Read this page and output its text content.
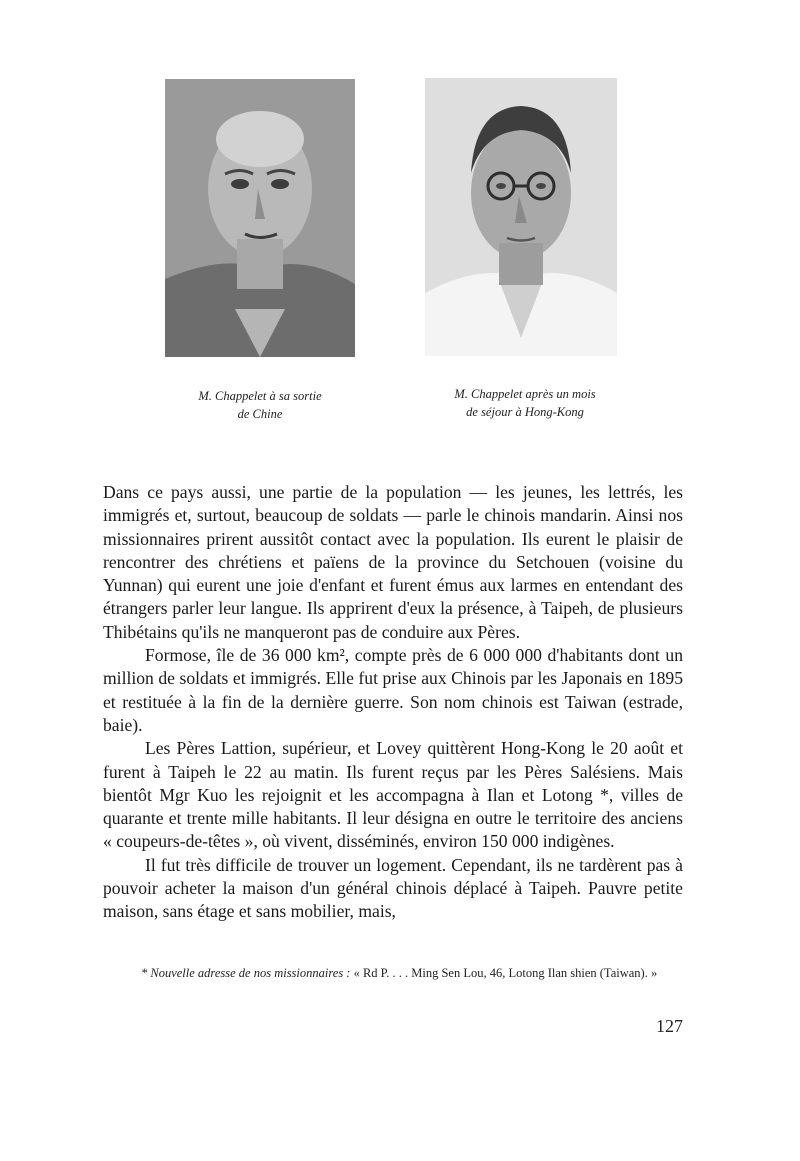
M. Chappelet à sa sortie
de Chine
M. Chappelet après un mois
de séjour à Hong-Kong

Dans ce pays aussi, une partie de la population — les jeunes, les lettrés, les immigrés et, surtout, beaucoup de soldats — parle le chinois mandarin. Ainsi nos missionnaires prirent aussitôt contact avec la population. Ils eurent le plaisir de rencontrer des chrétiens et païens de la province du Setchouen (voisine du Yunnan) qui eurent une joie d'enfant et furent émus aux larmes en entendant des étrangers parler leur langue. Ils apprirent d'eux la présence, à Taipeh, de plusieurs Thibétains qu'ils ne manqueront pas de conduire aux Pères.

Formose, île de 36 000 km², compte près de 6 000 000 d'habitants dont un million de soldats et immigrés. Elle fut prise aux Chinois par les Japonais en 1895 et restituée à la fin de la dernière guerre. Son nom chinois est Taiwan (estrade, baie).

Les Pères Lattion, supérieur, et Lovey quittèrent Hong-Kong le 20 août et furent à Taipeh le 22 au matin. Ils furent reçus par les Pères Salésiens. Mais bientôt Mgr Kuo les rejoignit et les accompagna à Ilan et Lotong *, villes de quarante et trente mille habitants. Il leur désigna en outre le territoire des anciens « coupeurs-de-têtes », où vivent, disséminés, environ 150 000 indigènes.

Il fut très difficile de trouver un logement. Cependant, ils ne tardèrent pas à pouvoir acheter la maison d'un général chinois déplacé à Taipeh. Pauvre petite maison, sans étage et sans mobilier, mais,

* Nouvelle adresse de nos missionnaires : « Rd P. . . . Ming Sen Lou, 46, Lotong Ilan shien (Taiwan). »
127
